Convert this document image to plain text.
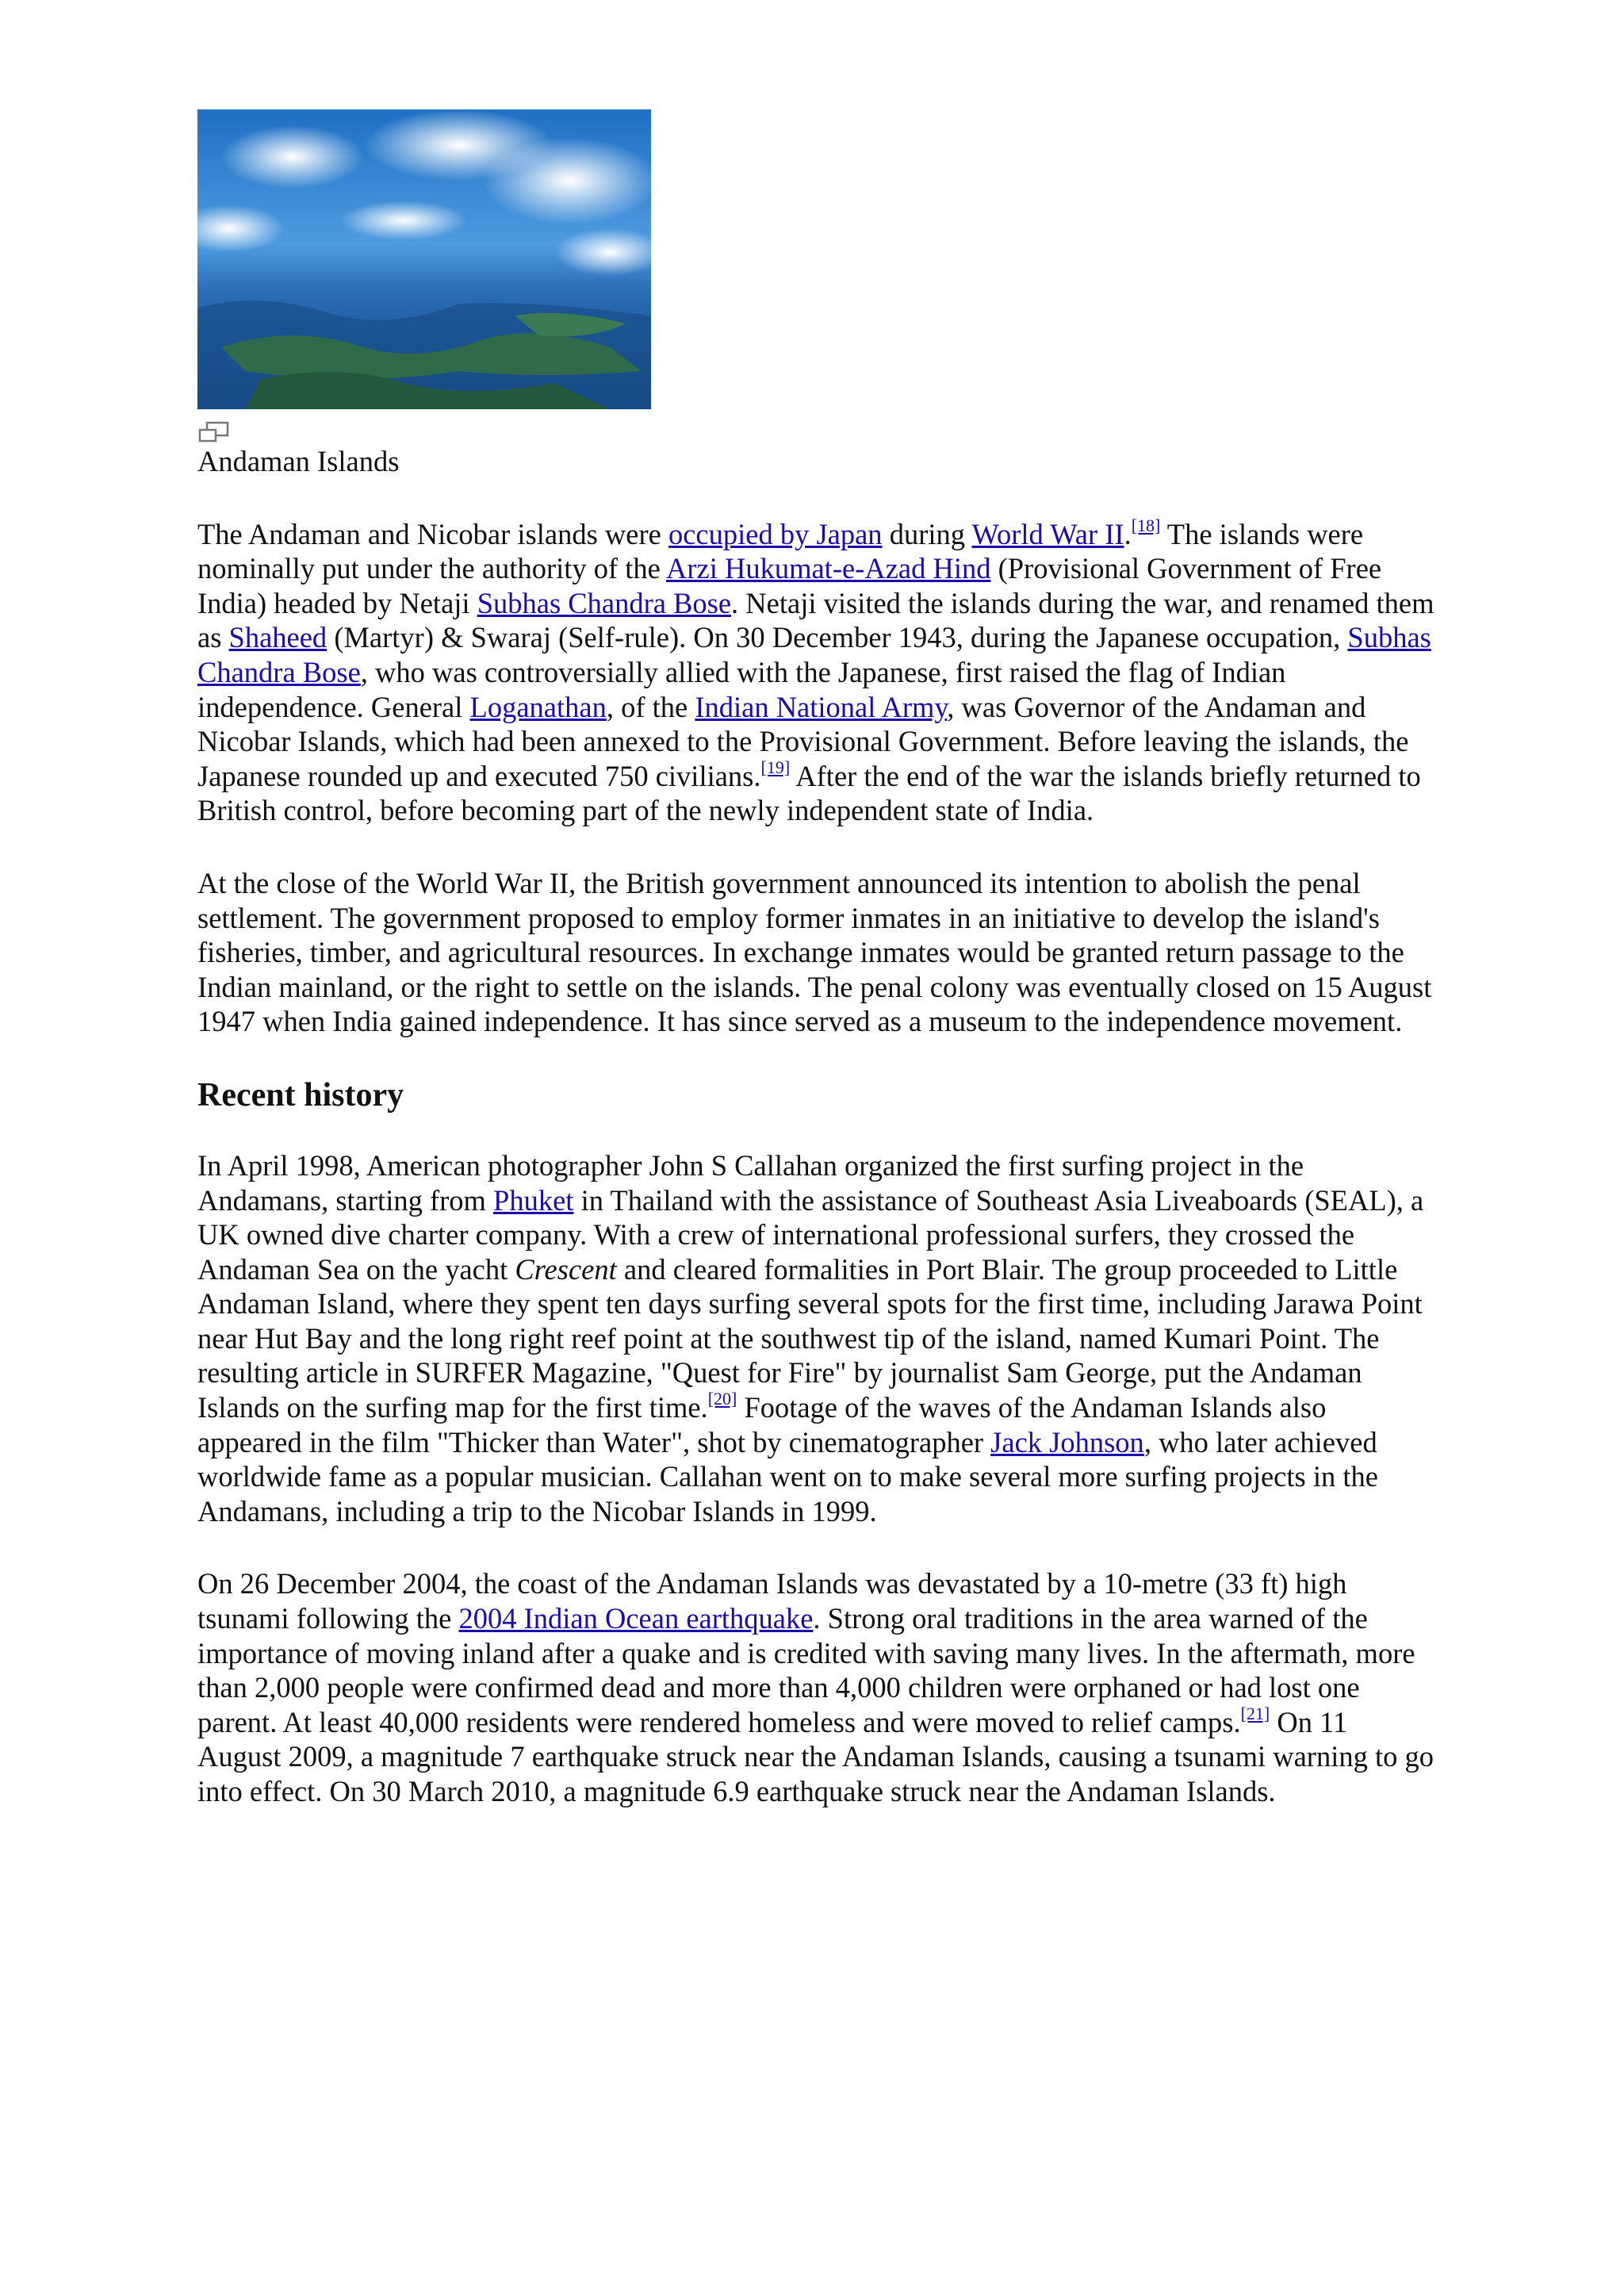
Andaman Islands

The Andaman and Nicobar islands were occupied by Japan during World War II.[18] The islands were nominally put under the authority of the Arzi Hukumat-e-Azad Hind (Provisional Government of Free India) headed by Netaji Subhas Chandra Bose. Netaji visited the islands during the war, and renamed them as Shaheed (Martyr) & Swaraj (Self-rule). On 30 December 1943, during the Japanese occupation, Subhas Chandra Bose, who was controversially allied with the Japanese, first raised the flag of Indian independence. General Loganathan, of the Indian National Army, was Governor of the Andaman and Nicobar Islands, which had been annexed to the Provisional Government. Before leaving the islands, the Japanese rounded up and executed 750 civilians.[19] After the end of the war the islands briefly returned to British control, before becoming part of the newly independent state of India.

At the close of the World War II, the British government announced its intention to abolish the penal settlement. The government proposed to employ former inmates in an initiative to develop the island's fisheries, timber, and agricultural resources. In exchange inmates would be granted return passage to the Indian mainland, or the right to settle on the islands. The penal colony was eventually closed on 15 August 1947 when India gained independence. It has since served as a museum to the independence movement.

Recent history

In April 1998, American photographer John S Callahan organized the first surfing project in the Andamans, starting from Phuket in Thailand with the assistance of Southeast Asia Liveaboards (SEAL), a UK owned dive charter company. With a crew of international professional surfers, they crossed the Andaman Sea on the yacht Crescent and cleared formalities in Port Blair. The group proceeded to Little Andaman Island, where they spent ten days surfing several spots for the first time, including Jarawa Point near Hut Bay and the long right reef point at the southwest tip of the island, named Kumari Point. The resulting article in SURFER Magazine, "Quest for Fire" by journalist Sam George, put the Andaman Islands on the surfing map for the first time.[20] Footage of the waves of the Andaman Islands also appeared in the film "Thicker than Water", shot by cinematographer Jack Johnson, who later achieved worldwide fame as a popular musician. Callahan went on to make several more surfing projects in the Andamans, including a trip to the Nicobar Islands in 1999.

On 26 December 2004, the coast of the Andaman Islands was devastated by a 10-metre (33 ft) high tsunami following the 2004 Indian Ocean earthquake. Strong oral traditions in the area warned of the importance of moving inland after a quake and is credited with saving many lives. In the aftermath, more than 2,000 people were confirmed dead and more than 4,000 children were orphaned or had lost one parent. At least 40,000 residents were rendered homeless and were moved to relief camps.[21] On 11 August 2009, a magnitude 7 earthquake struck near the Andaman Islands, causing a tsunami warning to go into effect. On 30 March 2010, a magnitude 6.9 earthquake struck near the Andaman Islands.
